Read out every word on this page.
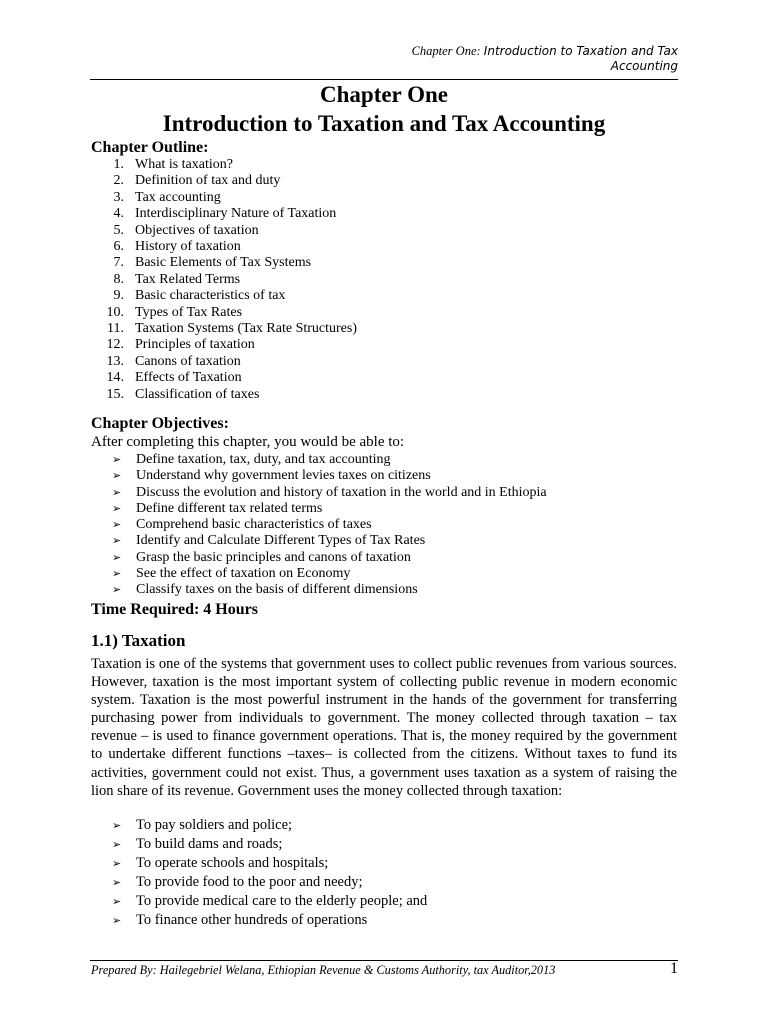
Chapter One: Introduction to Taxation and Tax
Accounting
Chapter One
Introduction to Taxation and Tax Accounting
Chapter Outline:
1. What is taxation?
2. Definition of tax and duty
3. Tax accounting
4. Interdisciplinary Nature of Taxation
5. Objectives of taxation
6. History of taxation
7. Basic Elements of Tax Systems
8. Tax Related Terms
9. Basic characteristics of tax
10. Types of Tax Rates
11. Taxation Systems (Tax Rate Structures)
12. Principles of taxation
13. Canons of taxation
14. Effects of Taxation
15. Classification of taxes
Chapter Objectives:
After completing this chapter, you would be able to:
➢	Define taxation, tax, duty, and tax accounting
➢	Understand why government levies taxes on citizens
➢	Discuss the evolution and history of taxation in the world and in Ethiopia
➢	Define different tax related terms
➢	Comprehend basic characteristics of taxes
➢	Identify and Calculate Different Types of Tax Rates
➢	Grasp the basic principles and canons of taxation
➢	See the effect of taxation on Economy
➢	Classify taxes on the basis of different dimensions
Time Required: 4 Hours
1.1) Taxation

Taxation is one of the systems that government uses to collect public revenues from various sources. However, taxation is the most important system of collecting public revenue in modern economic system. Taxation is the most powerful instrument in the hands of the government for transferring purchasing power from individuals to government. The money collected through taxation – tax revenue – is used to finance government operations. That is, the money required by the government to undertake different functions –taxes– is collected from the citizens. Without taxes to fund its activities, government could not exist. Thus, a government uses taxation as a system of raising the lion share of its revenue. Government uses the money collected through taxation:

➢	To pay soldiers and police;
➢	To build dams and roads;
➢	To operate schools and hospitals;
➢	To provide food to the poor and needy;
➢	To provide medical care to the elderly people; and
➢	To finance other hundreds of operations
Prepared By: Hailegebriel Welana, Ethiopian Revenue & Customs Authority, tax Auditor,2013	1
